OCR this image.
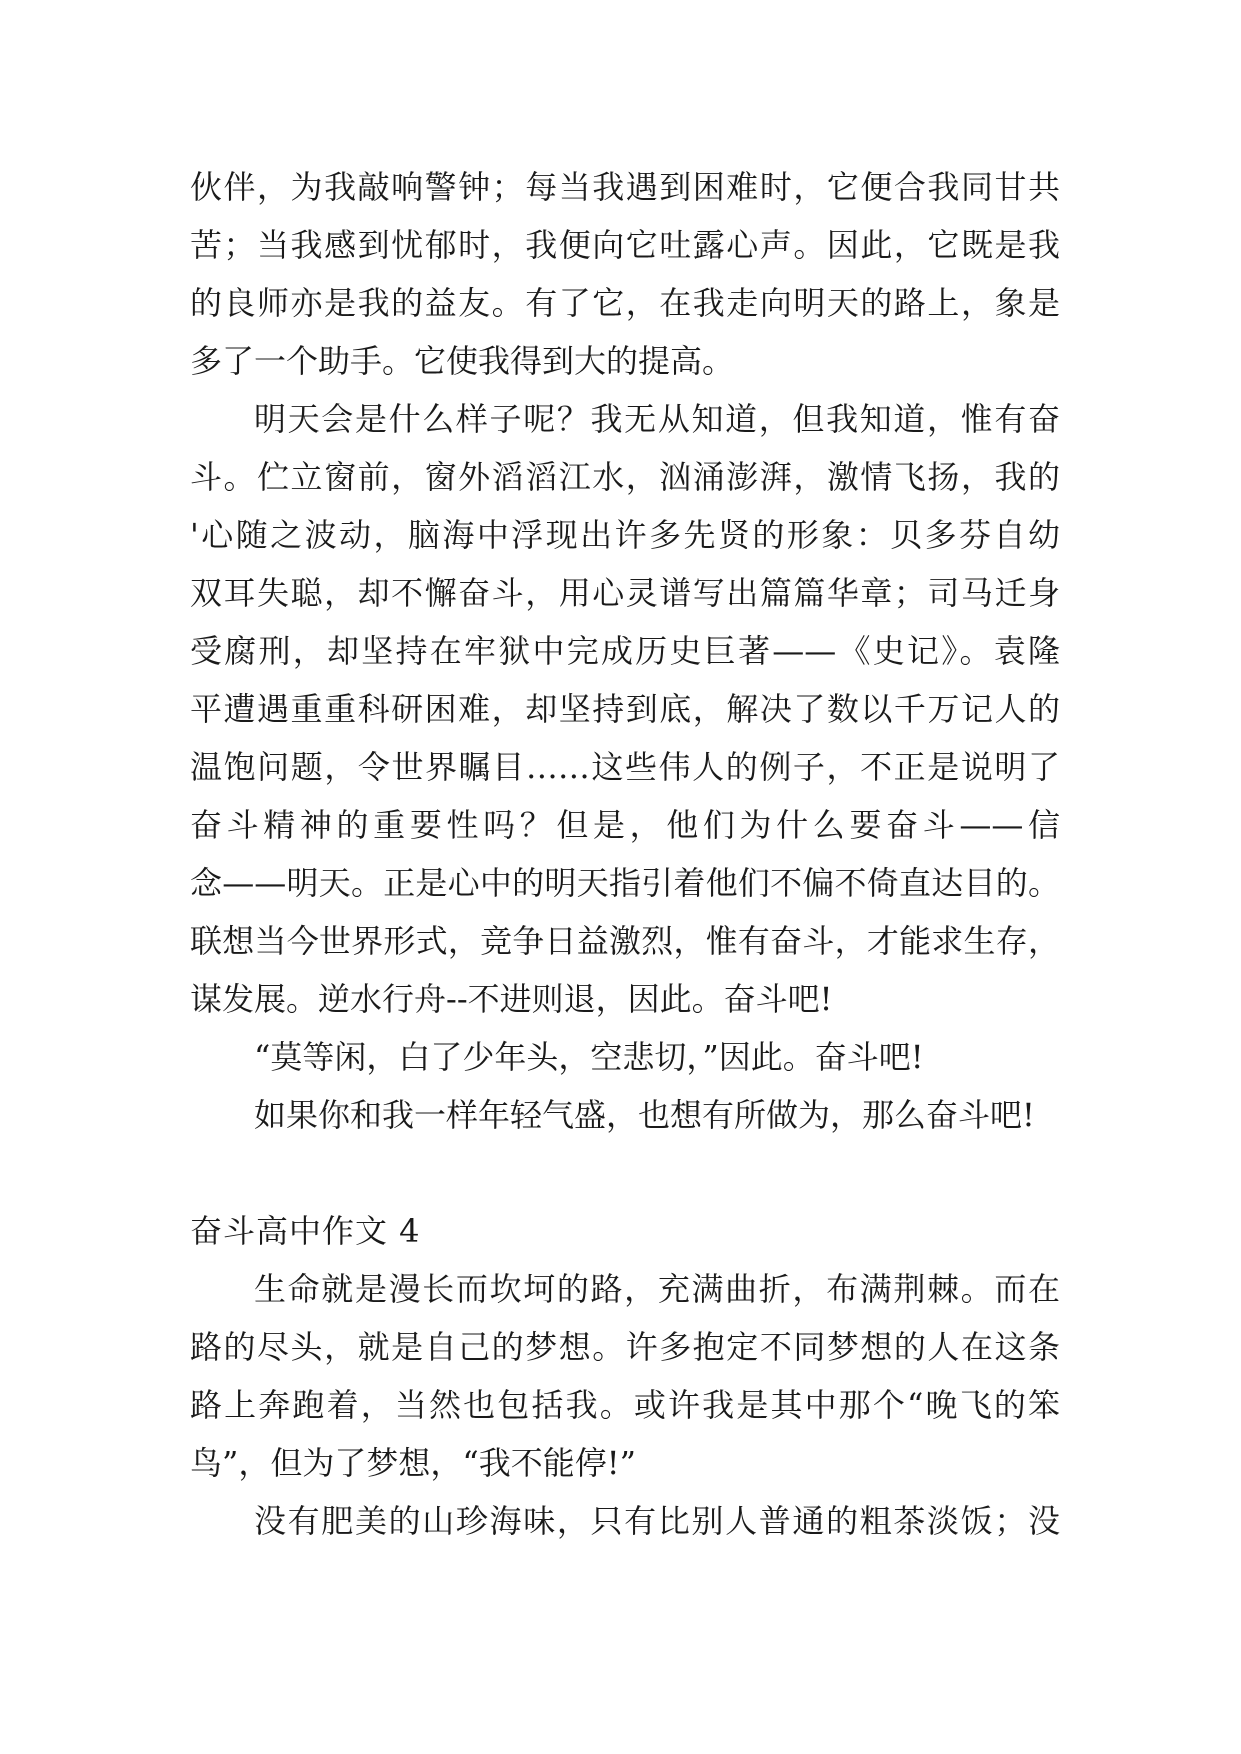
伙伴，为我敲响警钟；每当我遇到困难时，它便合我同甘共
苦；当我感到忧郁时，我便向它吐露心声。因此，它既是我
的良师亦是我的益友。有了它，在我走向明天的路上，象是
多了一个助手。它使我得到大的提高。
明天会是什么样子呢？我无从知道，但我知道，惟有奋
斗。伫立窗前，窗外滔滔江水，汹涌澎湃，激情飞扬，我的
'心随之波动，脑海中浮现出许多先贤的形象：贝多芬自幼
双耳失聪，却不懈奋斗，用心灵谱写出篇篇华章；司马迁身
受腐刑，却坚持在牢狱中完成历史巨著——《史记》。袁隆
平遭遇重重科研困难，却坚持到底，解决了数以千万记人的
温饱问题，令世界瞩目……这些伟人的例子，不正是说明了
奋斗精神的重要性吗？但是，他们为什么要奋斗——信
念——明天。正是心中的明天指引着他们不偏不倚直达目的。
联想当今世界形式，竞争日益激烈，惟有奋斗，才能求生存，
谋发展。逆水行舟--不进则退，因此。奋斗吧!
“莫等闲，白了少年头，空悲切，”因此。奋斗吧!
如果你和我一样年轻气盛，也想有所做为，那么奋斗吧!
奋斗高中作文 4
生命就是漫长而坎坷的路，充满曲折，布满荆棘。而在
路的尽头，就是自己的梦想。许多抱定不同梦想的人在这条
路上奔跑着，当然也包括我。或许我是其中那个“晚飞的笨
鸟”，但为了梦想，“我不能停!”
没有肥美的山珍海味，只有比别人普通的粗茶淡饭；没
